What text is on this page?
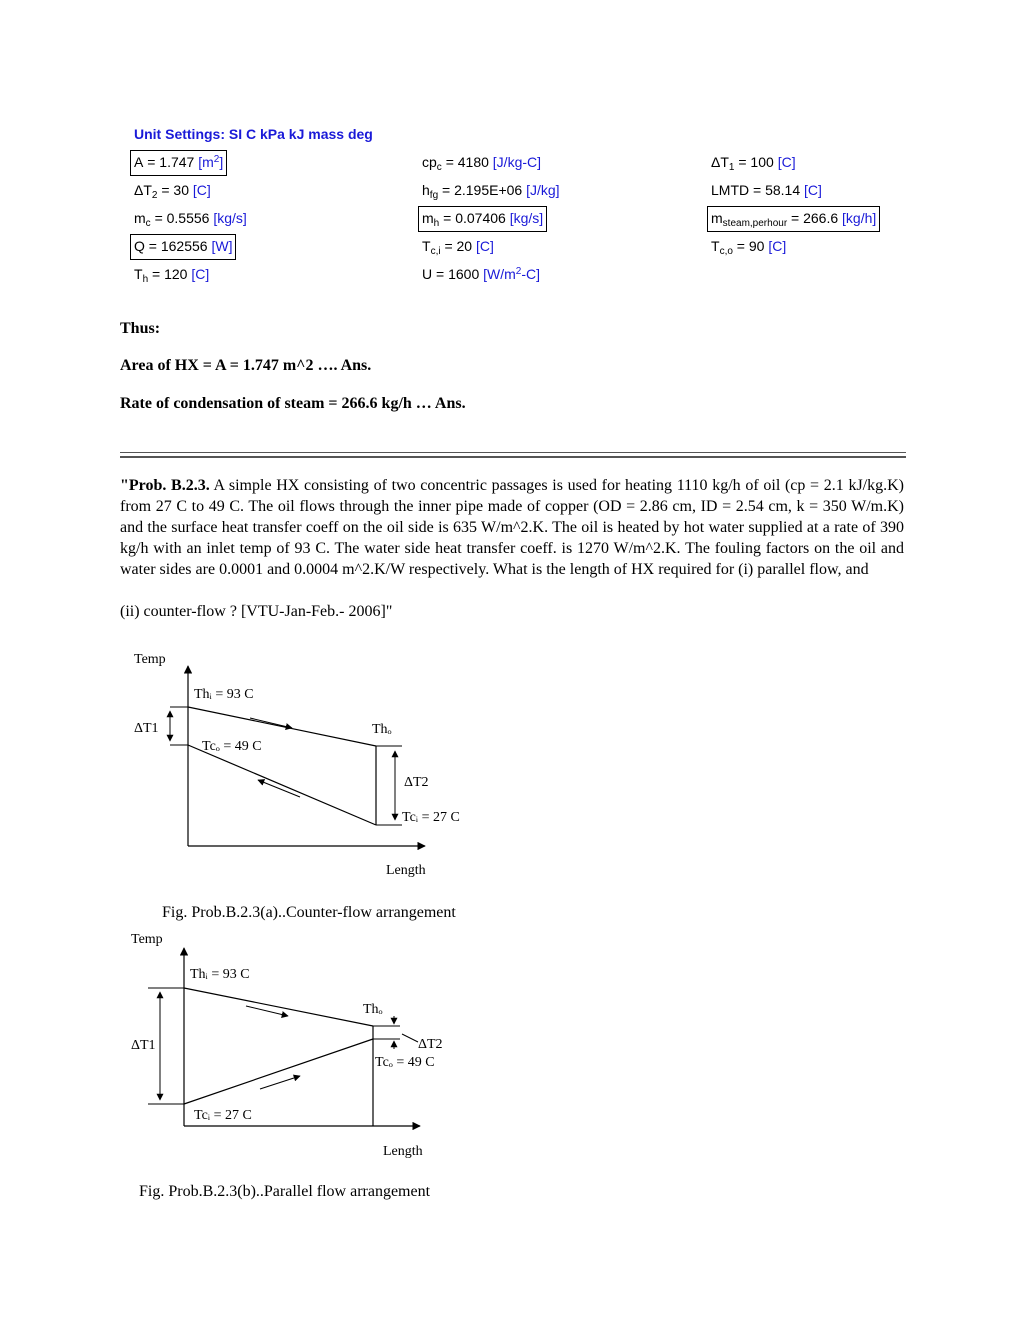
Unit Settings: SI C kPa kJ mass deg
A = 1.747 $[m^2]$
$\Delta T_2 = 30$ [C]
$m_c = 0.5556$ [kg/s]
Q = 162556 [W]
$T_h = 120$ [C]
$cp_c = 4180$ [J/kg-C]
$h_{fg} = 2.195E+06$ [J/kg]
$m_h = 0.07406$ [kg/s]
$T_{c,i} = 20$ [C]
U = 1600 $[W/m^2-C]$
$\Delta T_1 = 100$ [C]
LMTD = 58.14 [C]
$m_{steam,perhour} = 266.6$ [kg/h]
$T_{c,o} = 90$ [C]
Thus:
Area of HX = A = 1.747 m^2 …. Ans.
Rate of condensation of steam = 266.6 kg/h … Ans.
"Prob. B.2.3. A simple HX consisting of two concentric passages is used for heating 1110 kg/h of oil (cp = 2.1 kJ/kg.K) from 27 C to 49 C. The oil flows through the inner pipe made of copper (OD = 2.86 cm, ID = 2.54 cm, k = 350 W/m.K) and the surface heat transfer coeff on the oil side is 635 W/m^2.K. The oil is heated by hot water supplied at a rate of 390 kg/h with an inlet temp of 93 C. The water side heat transfer coeff. is 1270 W/m^2.K. The fouling factors on the oil and water sides are 0.0001 and 0.0004 m^2.K/W respectively. What is the length of HX required for (i) parallel flow, and
(ii) counter-flow ? [VTU-Jan-Feb.- 2006]"
Temp
Length
ΔT1
ΔT2
Thᵢ = 93 C
Thₒ
Tcₒ = 49 C
Tcᵢ = 27 C
Fig. Prob.B.2.3(a)..Counter-flow arrangement
Temp
Length
ΔT1	ΔT2
Thᵢ = 93 C
Thₒ
Tcₒ = 49 C
Tcᵢ = 27 C
Fig. Prob.B.2.3(b)..Parallel flow arrangement
